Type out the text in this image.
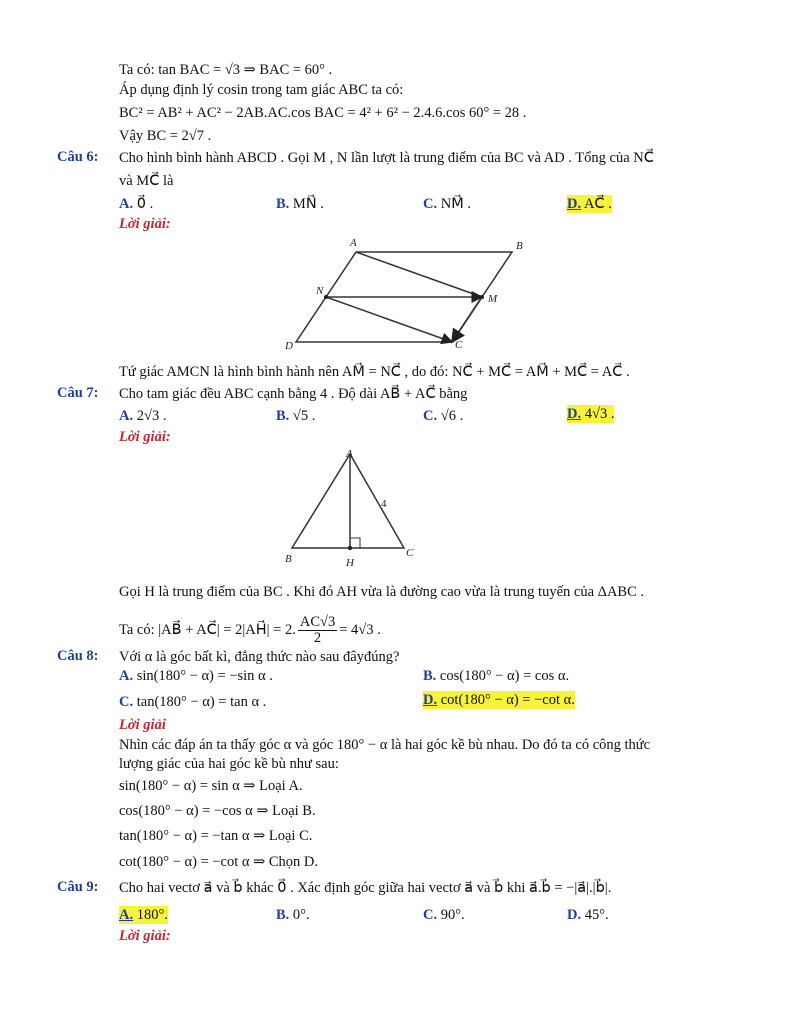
Ta có: tan BAC = √3 ⇒ BAC = 60° .
Áp dụng định lý cosin trong tam giác ABC ta có:
BC² = AB² + AC² − 2AB.AC.cos BAC = 4² + 6² − 2.4.6.cos 60° = 28 .
Vậy BC = 2√7 .
Câu 6: Cho hình bình hành ABCD . Gọi M , N lần lượt là trung điểm của BC và AD . Tổng của NC⃗
và MC⃗ là
A. 0⃗ .	B. MN⃗ .	C. NM⃗ .	D. AC⃗ .
Lời giải:
A	B
N
M
D	C
Tứ giác AMCN là hình bình hành nên AM⃗ = NC⃗ , do đó: NC⃗ + MC⃗ = AM⃗ + MC⃗ = AC⃗ .
Câu 7: Cho tam giác đều ABC cạnh bằng 4 . Độ dài AB⃗ + AC⃗ bằng
A. 2√3 .	B. √5 .	C. √6 .	D. 4√3 .
Lời giải:
A
B	C
H
4
Gọi H là trung điểm của BC . Khi đó AH vừa là đường cao vừa là trung tuyến của ΔABC .
Ta có: |AB⃗ + AC⃗| = 2|AH⃗| = 2. $\frac{AC√3}{2} = 4√3$ .
Câu 8: Với α là góc bất kì, đẳng thức nào sau đâyđúng?
A. sin(180° − α) = −sin α .	B. cos(180° − α) = cos α.
C. tan(180° − α) = tan α .	D. cot(180° − α) = −cot α.
Lời giải
Nhìn các đáp án ta thấy góc α và góc 180° − α là hai góc kề bù nhau. Do đó ta có công thức
lượng giác của hai góc kề bù như sau:
sin(180° − α) = sin α ⇒ Loại A.
cos(180° − α) = −cos α ⇒ Loại B.
tan(180° − α) = −tan α ⇒ Loại C.
cot(180° − α) = −cot α ⇒ Chọn D.
Câu 9: Cho hai vectơ a⃗ và b⃗ khác 0⃗ . Xác định góc giữa hai vectơ a⃗ và b⃗ khi a⃗.b⃗ = −|a⃗|.|b⃗|.
A. 180°.	B. 0°.	C. 90°.	D. 45°.
Lời giải:
